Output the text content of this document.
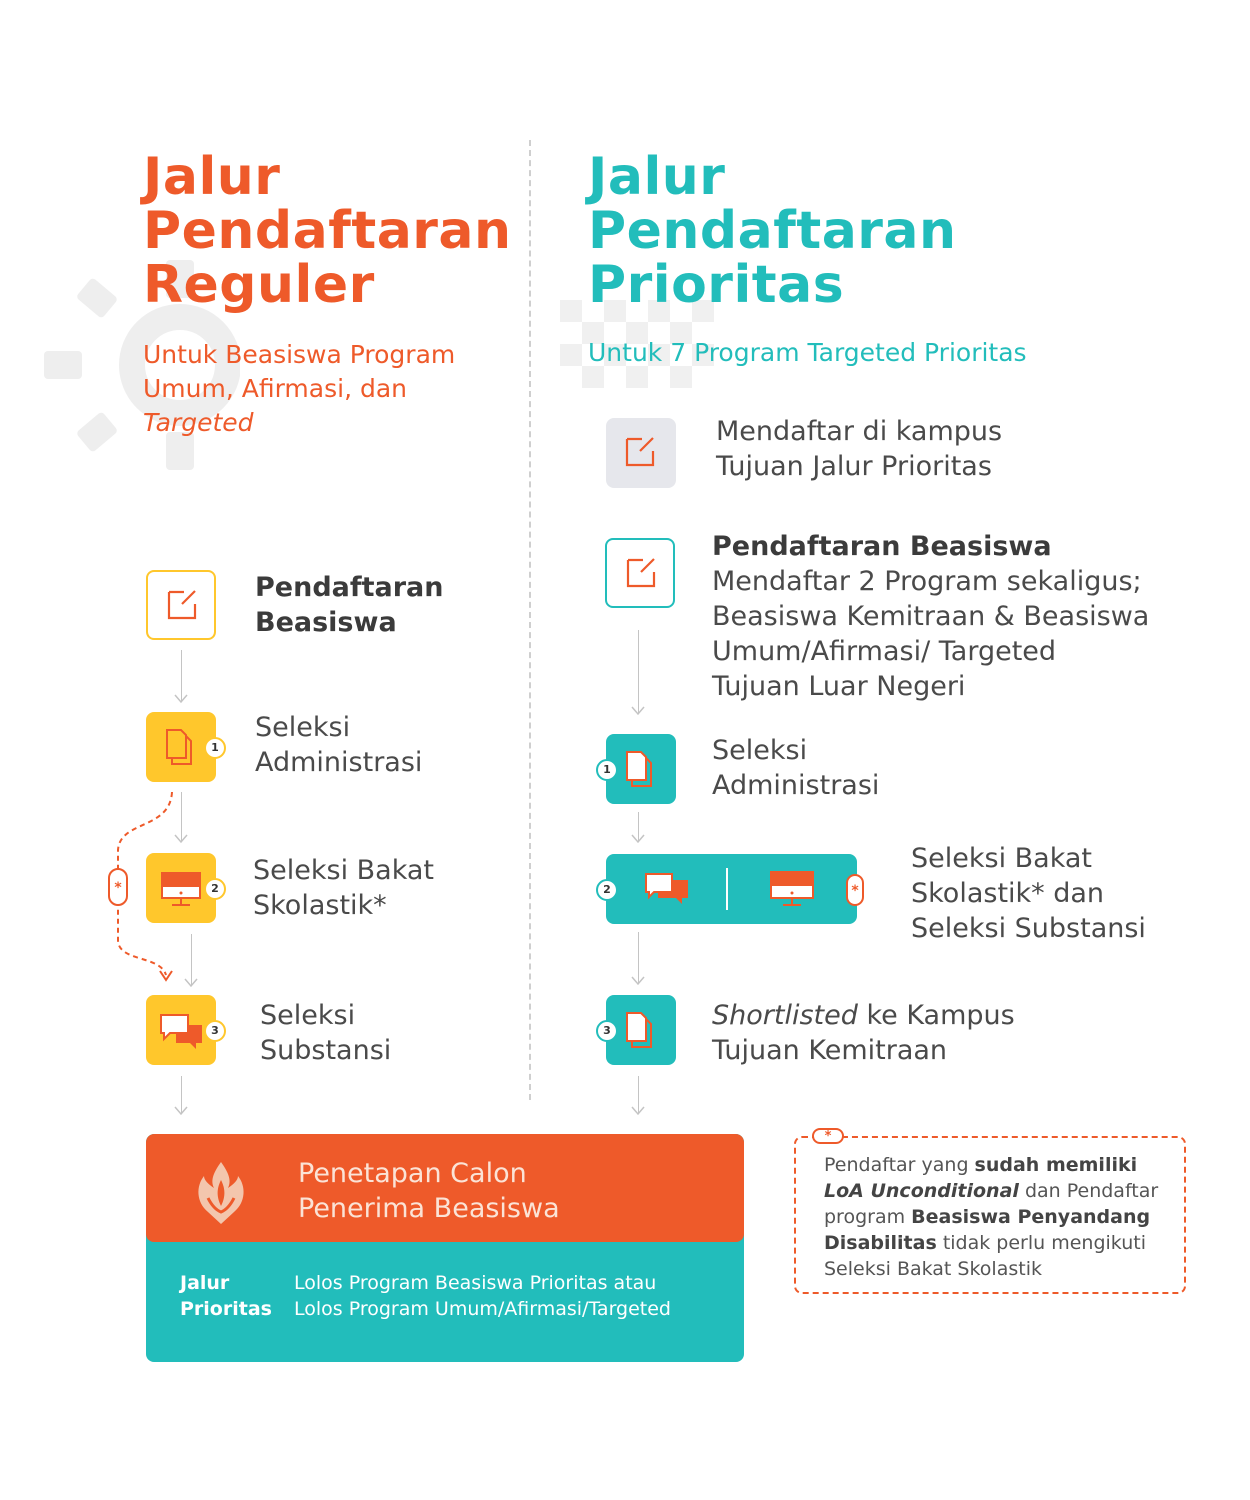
Jalur
Pendaftaran
Reguler
Untuk Beasiswa Program
Umum, Afirmasi, dan
Targeted
Jalur
Pendaftaran
Prioritas
Untuk 7 Program Targeted Prioritas
Pendaftaran
Beasiswa
1
Seleksi
Administrasi
2
Seleksi Bakat
Skolastik*
*
3 Seleksi
Substansi
Mendaftar di kampus
Tujuan Jalur Prioritas
Pendaftaran Beasiswa
Mendaftar 2 Program sekaligus;
Beasiswa Kemitraan & Beasiswa
Umum/Afirmasi/ Targeted
Tujuan Luar Negeri
1
Seleksi
Administrasi
2	*
Seleksi Bakat
Skolastik* dan
Seleksi Substansi
3	Shortlisted ke Kampus
Tujuan Kemitraan
Penetapan Calon
Penerima Beasiswa
Jalur
Prioritas
Lolos Program Beasiswa Prioritas atau
Lolos Program Umum/Afirmasi/Targeted
Pendaftar yang sudah memiliki
LoA Unconditional dan Pendaftar
program Beasiswa Penyandang
Disabilitas tidak perlu mengikuti
Seleksi Bakat Skolastik
*
